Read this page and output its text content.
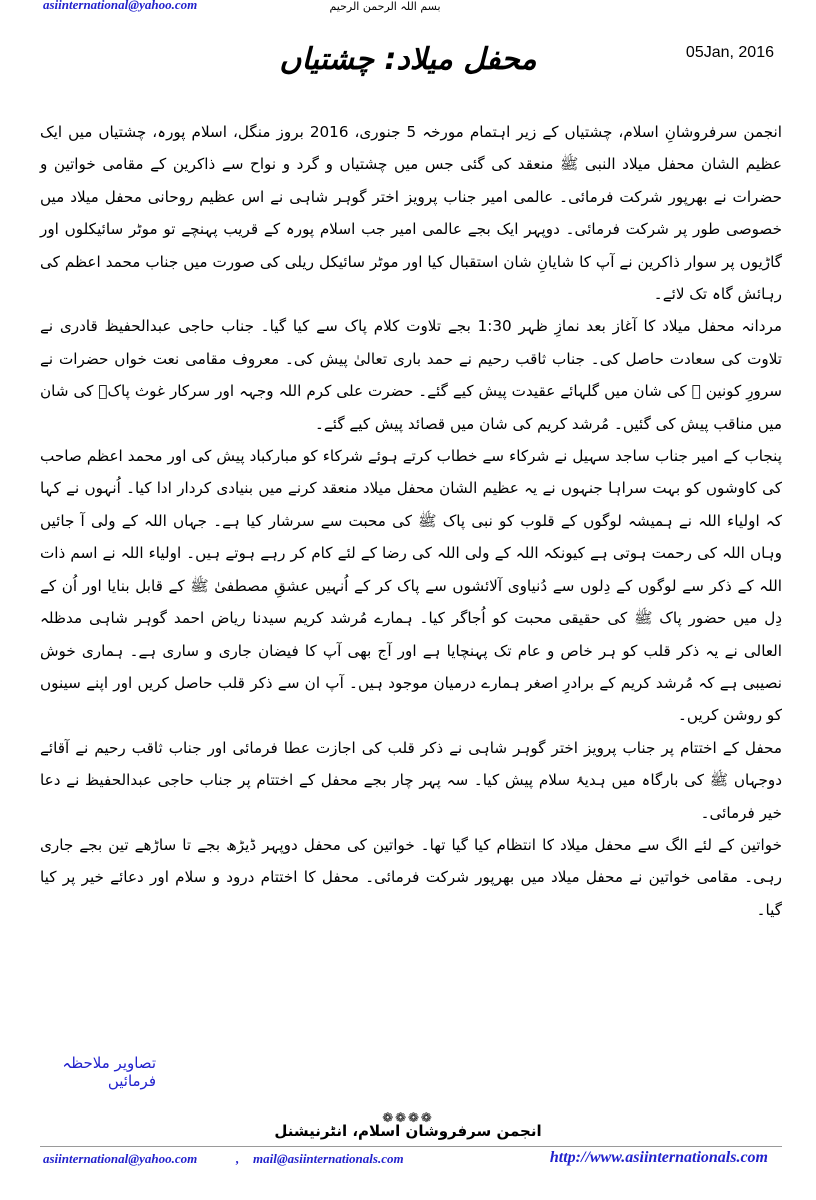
asiinternational@yahoo.com	بسم اللہ الرحمن الرحیم
05Jan, 2016
محفل میلاد: چشتیاں

انجمن سرفروشانِ اسلام، چشتیاں کے زیر اہتمام مورخہ 5 جنوری، 2016 بروز منگل، اسلام پورہ، چشتیاں میں ایک عظیم الشان محفل میلاد النبی ﷺ منعقد کی گئی جس میں چشتیاں و گرد و نواح سے ذاکرین کے مقامی خواتین و حضرات نے بھرپور شرکت فرمائی۔ عالمی امیر جناب پرویز اختر گوہر شاہی نے اس عظیم روحانی محفل میلاد میں خصوصی طور پر شرکت فرمائی۔ دوپہر ایک بجے عالمی امیر جب اسلام پورہ کے قریب پہنچے تو موٹر سائیکلوں اور گاڑیوں پر سوار ذاکرین نے آپ کا شایانِ شان استقبال کیا اور موٹر سائیکل ریلی کی صورت میں جناب محمد اعظم کی رہائش گاہ تک لائے۔

مردانہ محفل میلاد کا آغاز بعد نمازِ ظہر 1:30 بجے تلاوت کلام پاک سے کیا گیا۔ جناب حاجی عبدالحفیظ قادری نے تلاوت کی سعادت حاصل کی۔ جناب ثاقب رحیم نے حمد باری تعالیٰ پیش کی۔ معروف مقامی نعت خواں حضرات نے سرورِ کونین ﷺ کی شان میں گلہائے عقیدت پیش کیے گئے۔ حضرت علی کرم اللہ وجہہ اور سرکار غوث پاکؓ کی شان میں مناقب پیش کی گئیں۔ مُرشد کریم کی شان میں قصائد پیش کیے گئے۔

پنجاب کے امیر جناب ساجد سہیل نے شرکاء سے خطاب کرتے ہوئے شرکاء کو مبارکباد پیش کی اور محمد اعظم صاحب کی کاوشوں کو بہت سراہا جنہوں نے یہ عظیم الشان محفل میلاد منعقد کرنے میں بنیادی کردار ادا کیا۔ اُنہوں نے کہا کہ اولیاء اللہ نے ہمیشہ لوگوں کے قلوب کو نبی پاک ﷺ کی محبت سے سرشار کیا ہے۔ جہاں اللہ کے ولی آ جائیں وہاں اللہ کی رحمت ہوتی ہے کیونکہ اللہ کے ولی اللہ کی رضا کے لئے کام کر رہے ہوتے ہیں۔ اولیاء اللہ نے اسم ذات اللہ کے ذکر سے لوگوں کے دِلوں سے دُنیاوی آلائشوں سے پاک کر کے اُنہیں عشقِ مصطفیٰ ﷺ کے قابل بنایا اور اُن کے دِل میں حضور پاک ﷺ کی حقیقی محبت کو اُجاگر کیا۔ ہمارے مُرشد کریم سیدنا ریاض احمد گوہر شاہی مدظلہ العالی نے یہ ذکر قلب کو ہر خاص و عام تک پہنچایا ہے اور آج بھی آپ کا فیضان جاری و ساری ہے۔ ہماری خوش نصیبی ہے کہ مُرشد کریم کے برادرِ اصغر ہمارے درمیان موجود ہیں۔ آپ ان سے ذکر قلب حاصل کریں اور اپنے سینوں کو روشن کریں۔

محفل کے اختتام پر جناب پرویز اختر گوہر شاہی نے ذکر قلب کی اجازت عطا فرمائی اور جناب ثاقب رحیم نے آقائے دوجہاں ﷺ کی بارگاہ میں ہدیۂ سلام پیش کیا۔ سہ پہر چار بجے محفل کے اختتام پر جناب حاجی عبدالحفیظ نے دعا خیر فرمائی۔

خواتین کے لئے الگ سے محفل میلاد کا انتظام کیا گیا تھا۔ خواتین کی محفل دوپہر ڈیڑھ بجے تا ساڑھے تین بجے جاری رہی۔ مقامی خواتین نے محفل میلاد میں بھرپور شرکت فرمائی۔ محفل کا اختتام درود و سلام اور دعائے خیر پر کیا گیا۔

تصاویر ملاحظہ فرمائیں
❁❁❁❁
انجمن سرفروشان اسلام، انٹرنیشنل
asiinternational@yahoo.com	, mail@asiinternationals.com	http://www.asiinternationals.com
